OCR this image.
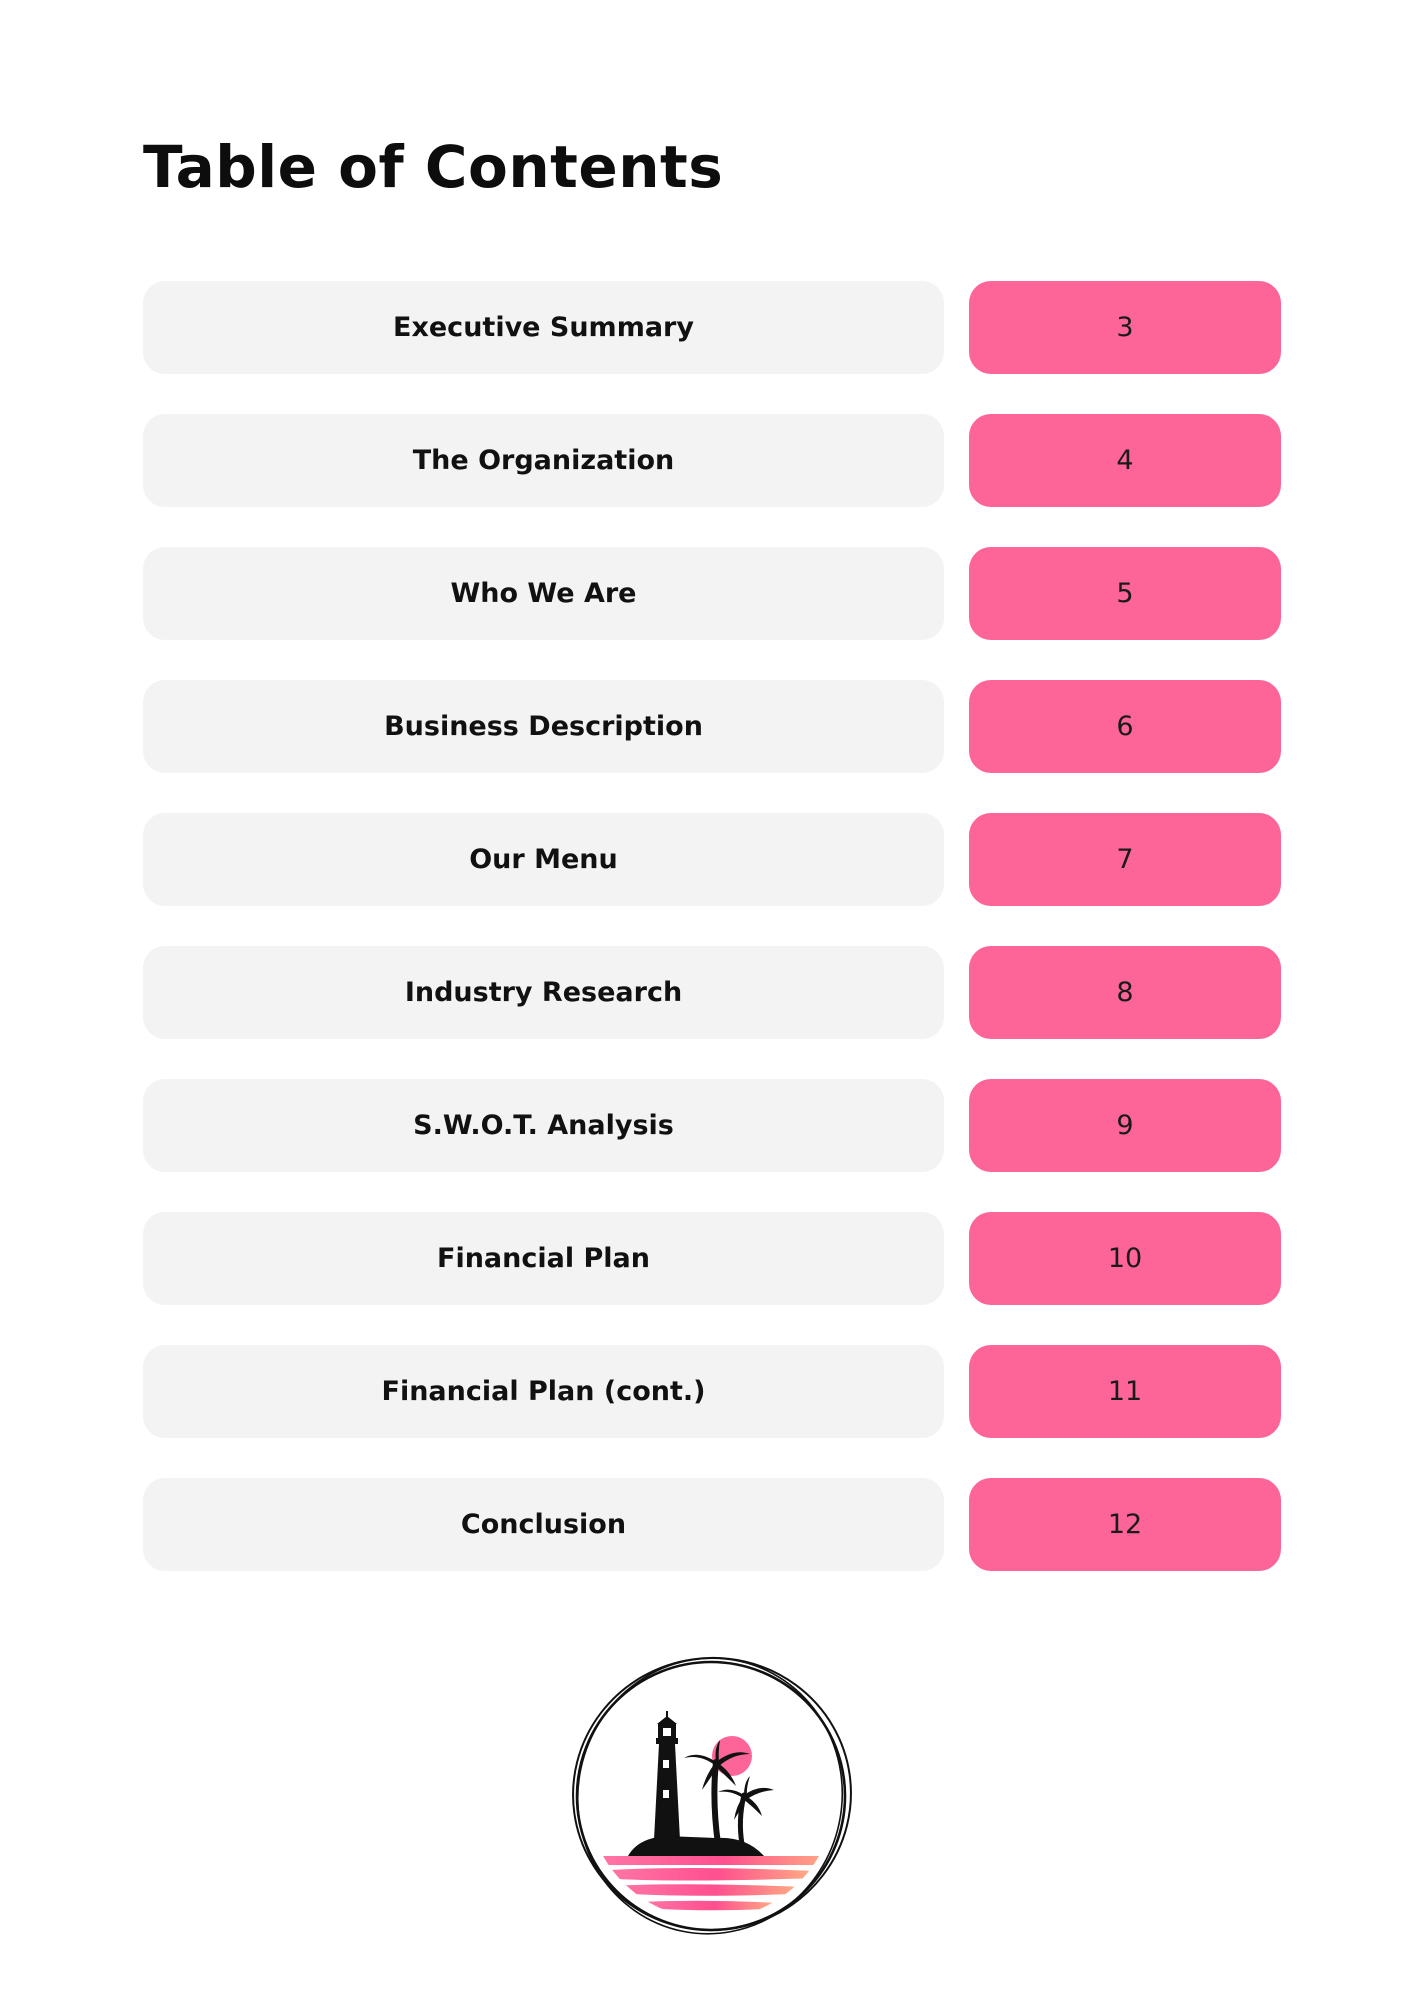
Table of Contents
Executive Summary	3
The Organization	4
Who We Are	5
Business Description	6
Our Menu	7
Industry Research	8
S.W.O.T. Analysis	9
Financial Plan	10
Financial Plan (cont.)	11
Conclusion	12
